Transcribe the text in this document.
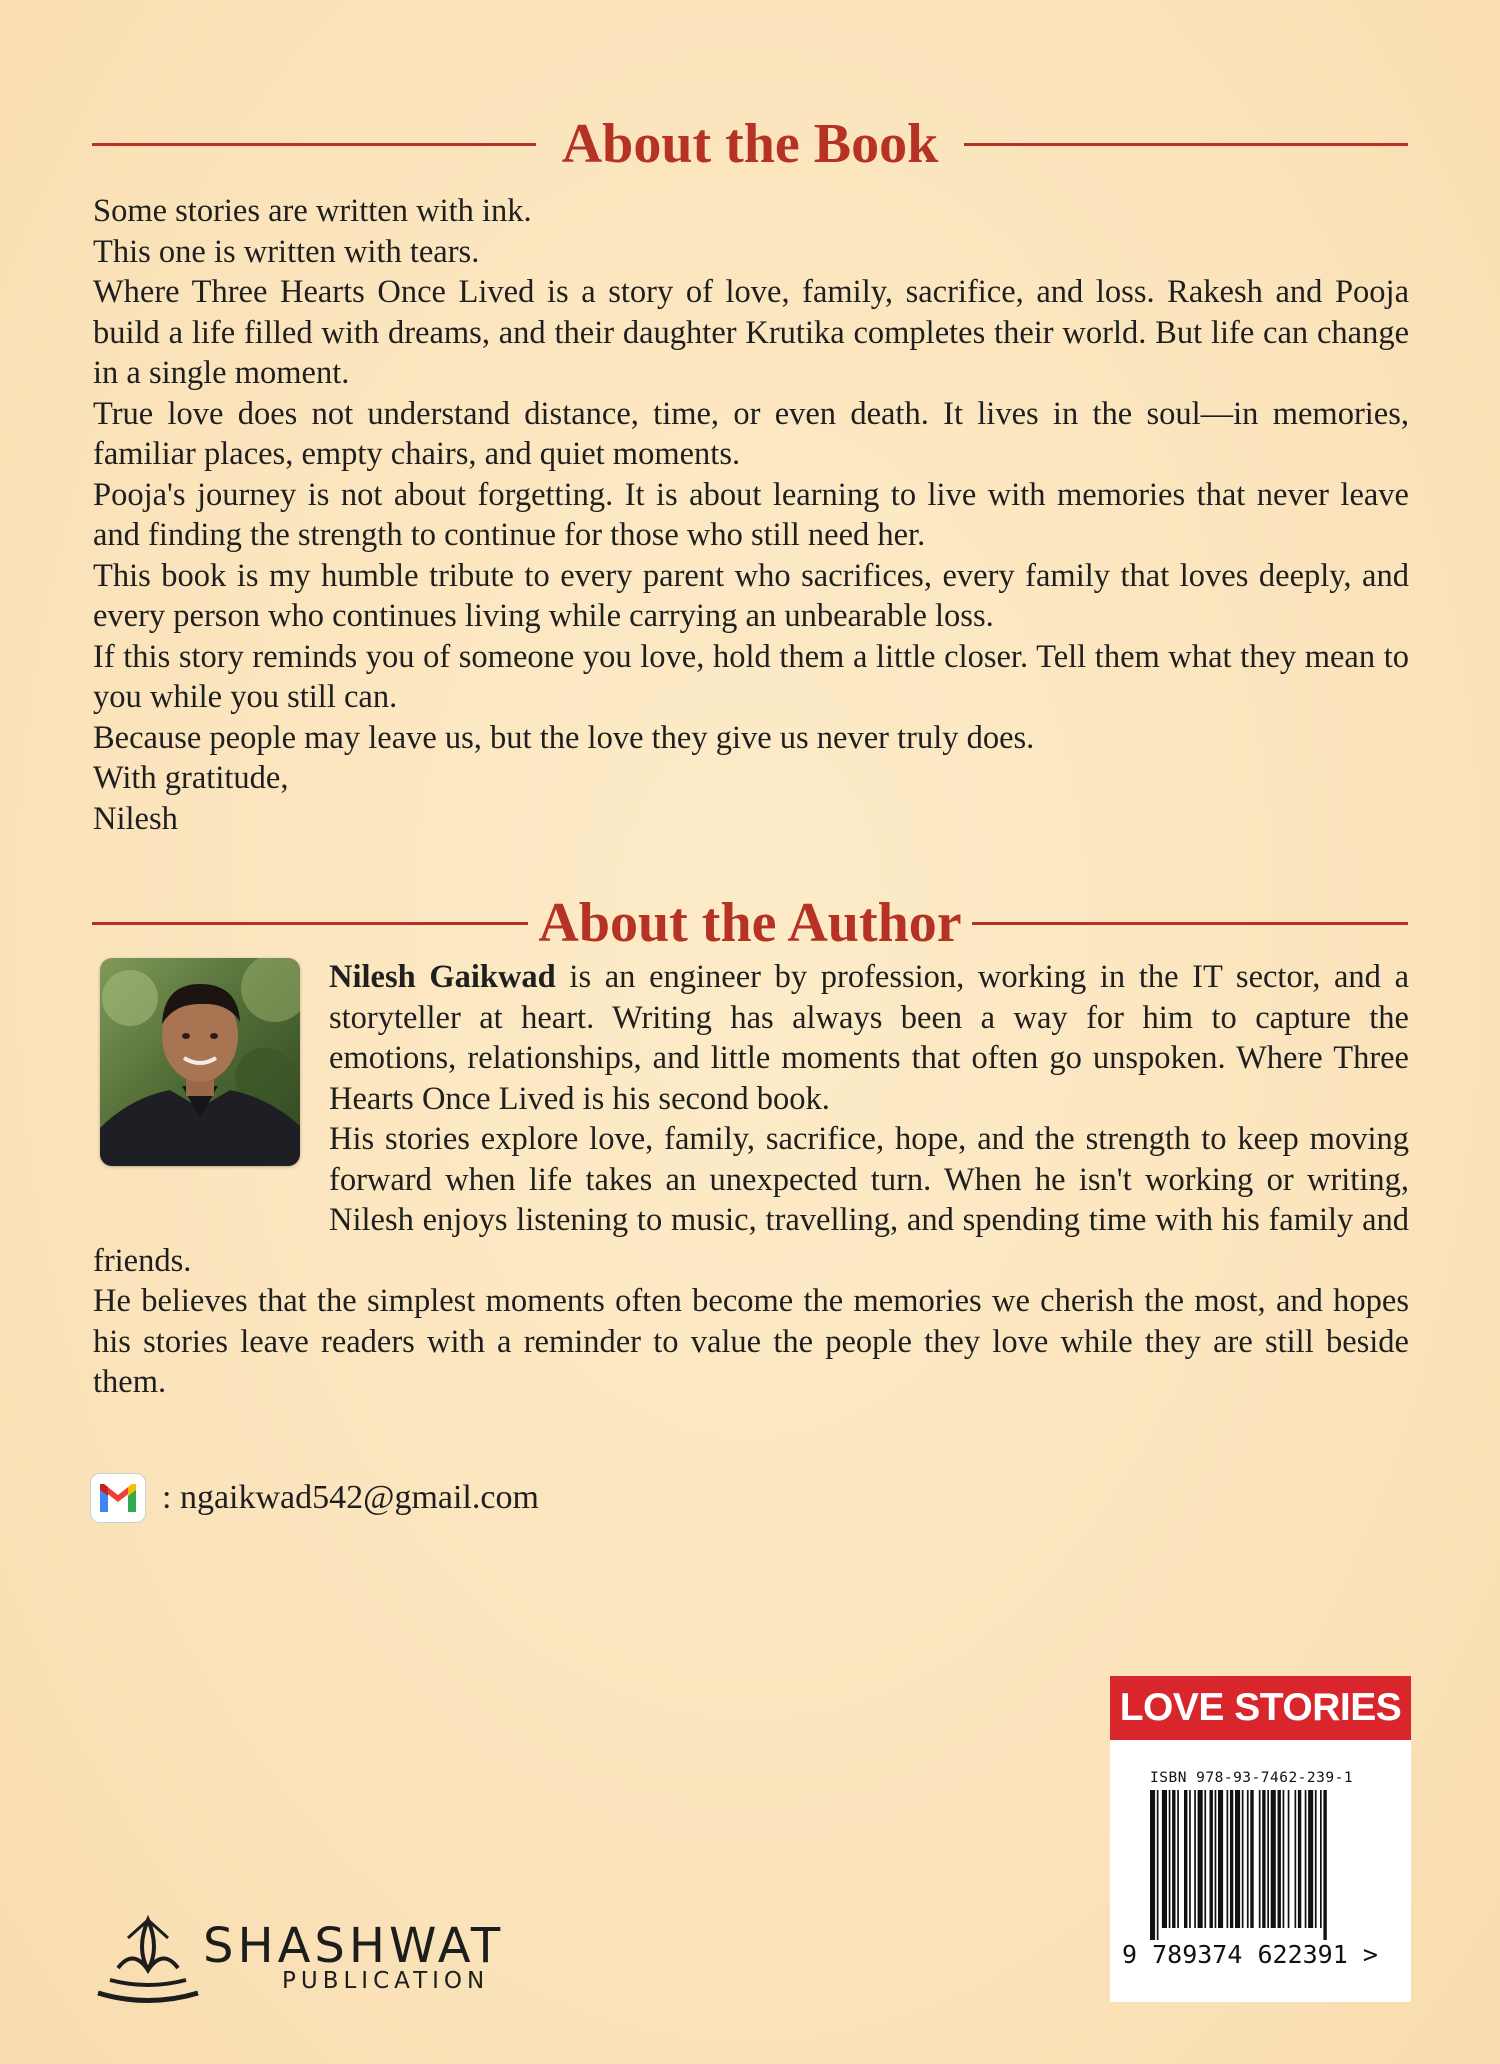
About the Book

Some stories are written with ink.

This one is written with tears.

Where Three Hearts Once Lived is a story of love, family, sacrifice, and loss. Rakesh and Pooja build a life filled with dreams, and their daughter Krutika completes their world. But life can change in a single moment.

True love does not understand distance, time, or even death. It lives in the soul—in memories, familiar places, empty chairs, and quiet moments.

Pooja's journey is not about forgetting. It is about learning to live with memories that never leave and finding the strength to continue for those who still need her.

This book is my humble tribute to every parent who sacrifices, every family that loves deeply, and every person who continues living while carrying an unbearable loss.

If this story reminds you of someone you love, hold them a little closer. Tell them what they mean to you while you still can.

Because people may leave us, but the love they give us never truly does.

With gratitude,

Nilesh

About the Author

Nilesh Gaikwad is an engineer by profession, working in the IT sector, and a storyteller at heart. Writing has always been a way for him to capture the emotions, relationships, and little moments that often go unspoken. Where Three Hearts Once Lived is his second book.

His stories explore love, family, sacrifice, hope, and the strength to keep moving forward when life takes an unexpected turn. When he isn't working or writing, Nilesh enjoys listening to music, travelling, and spending time with his family and friends.

He believes that the simplest moments often become the memories we cherish the most, and hopes his stories leave readers with a reminder to value the people they love while they are still beside them.

: ngaikwad542@gmail.com
LOVE STORIES
ISBN 978-93-7462-239-1
9 789374 622391 >
SHASHWAT
PUBLICATION
